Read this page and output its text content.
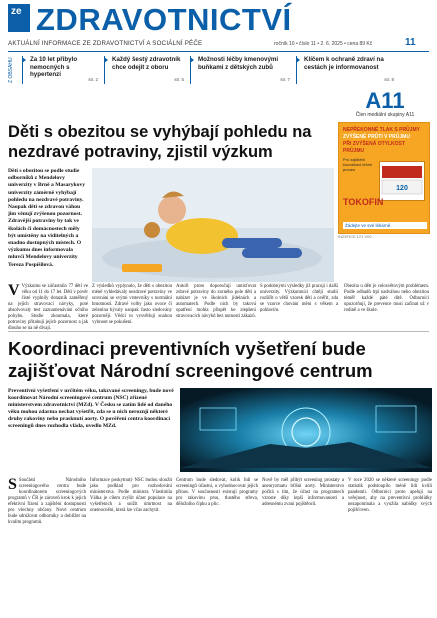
ze ZDRAVOTNICTVÍ
AKTUÁLNÍ INFORMACE ZE ZDRAVOTNICTVÍ A SOCIÁLNÍ PÉČE	ročník 10 • číslo 11 • 2. 6. 2025 • cena 89 Kč	11
Z OBSAHU	Za 10 let přibylo nemocných s hypertenzí
str. 2
Každý šestý zdravotník chce odejít z oboru
str. 5
Možnosti léčby kmenovými buňkami z dětských zubů
str. 7
Klíčem k ochraně zdraví na cestách je informovanost
str. 8
A11
Člen mediální skupiny A11
NEPŘEKONNÉ TLAK S PRŮJMY
ZVÝŠENÉ PRŮTI V PRŮJMU
PŘI ZVÝŠENÁ OTYLKOST PRŮJMU
Pro zajištění koordinaci léčeb proces
120
TOKOFIN
Žádejte ve své lékárně.
INZERCE 121 V00
Děti s obezitou se vyhýbají pohledu na nezdravé potraviny, zjistil výzkum
Děti s obezitou se podle studie odborníků z Mendelovy univerzity v Brně a Masarykovy univerzity záměrně vyhýbají pohledu na nezdravé potraviny. Naopak děti se zdravou váhou jim věnují zvýšenou pozornost. Zdravější potraviny by tak ve školách či domácnostech měly být umístěny na viditelných a snadno dostupných místech. O výzkumu dnes informovala mluvčí Mendelovy univerzity Tereza Pospíšilová.
V Výzkumu se zúčastnilo 77 dětí ve věku od 11 do 17 let. Děti v pověr čisté vyplnily dotazník zaměřený na jejich stravovací návyky, poté absolvovaly test zaznamenávání očního pohybu. Studie zkoumala, které potraviny přitahují jejich pozornost a jak dlouho se na ně dívají.
Z výsledků vyplynulo, že děti s obezitou méně vyhledávaly nezdravé potraviny ve srovnání se svými vrstevníky s normální hmotností. Zdravé volby jako ovoce či zelenina bývaly naopak často sledovány pozorněji. Vědci to vysvětlují snahou vyhnout se pokušení.
Autoři proto doporučují umisťovat zdravé potraviny do zorného pole dětí a nabízet je ve školních jídelnách a automatech. Podle nich by taková opatření mohla přispět ke zlepšení stravovacích návyků bez nutnosti zákazů.
S podobnými výsledky již pracují i další univerzity. Výzkumníci chtějí studii rozšířit o větší vzorek dětí a ověřit, zda se vzorce chování mění s věkem a pohlavím.
Obezita u dětí je celosvětovým problémem. Podle odhadů trpí nadváhou nebo obezitou téměř každé páté dítě. Odborníci upozorňují, že prevence musí začínat už v rodině a ve škole.
Koordinaci preventivních vyšetření bude zajišťovat Národní screeningové centrum
Preventivní vyšetření v určitém věku, takzvané screeningy, bude nově koordinovat Národní screeningové centrum (NSC) zřízené ministerstvem zdravotnictví (MZd). V Česku se zatím lidé od daného věku mohou zdarma nechat vyšetřit, zda se u nich neroznjí některé druhy rakoviny nebo prasknutí aorty. O pověření centra koordinací screeningů dnes rozhodla vláda, uvedlo MZd.
S Součástí Národního screeningového centra bude koordinátorem screeningových programů v ČR je zároveň krok k jejich efektivní řízení a zajištění dostupnosti pro všechny občany. Nové centrum bude sdružovat odborníky a dohlížet na kvalitu programů.
Informace poskytnutý NSC budou sloužit jako podklad pro rozhodování ministerstva. Podle ministra Vlastimila Válka je cílem zvýšit účast populace na vyšetřeních a snížit úmrtnost na onemocnění, která lze včas zachytit.
Centrum bude sledovat, kolik lidí se screeningů účastní, a vyhodnocovat jejich přínos. V současnosti existují programy pro rakovinu prsu, tlustého střeva, děložního čípku a plic.
Nově by měl přibýt screening prostaty a aneuryzmatu břišní aorty. Ministerstvo počítá s tím, že účast na programech vzroste díky lepší informovanosti a adresnému zvaní pojištěnců.
V roce 2020 se některé screeningy podle statistik podstoupilo méně lidí kvůli pandemii. Odborníci proto apelují na veřejnost, aby na preventivní prohlídky nezapomínala a využila nabídky svých pojišťoven.
